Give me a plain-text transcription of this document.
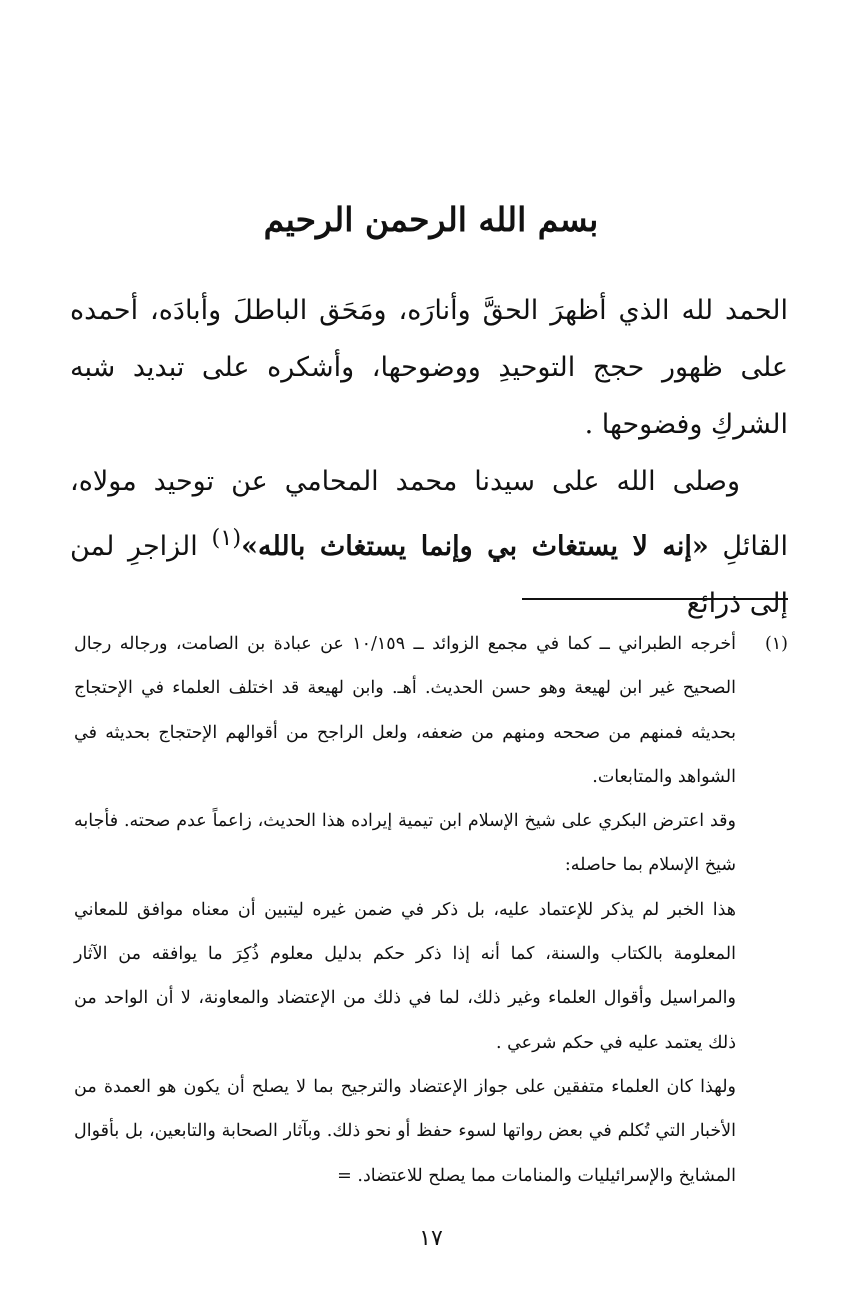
بسم الله الرحمن الرحيم

الحمد لله الذي أظهرَ الحقَّ وأنارَه، ومَحَق الباطلَ وأبادَه، أحمده على ظهور حجج التوحيدِ ووضوحها، وأشكره على تبديد شبه الشركِ وفضوحها .

وصلى الله على سيدنا محمد المحامي عن توحيد مولاه، القائلِ «إنه لا يستغاث بي وإنما يستغاث بالله»$^{(١)}$ الزاجرِ لمن إلى ذرائع

(١)

أخرجه الطبراني ــ كما في مجمع الزوائد ــ ١٠/١٥٩ عن عبادة بن الصامت، ورجاله رجال الصحيح غير ابن لهيعة وهو حسن الحديث. أهـ. وابن لهيعة قد اختلف العلماء في الإحتجاج بحديثه فمنهم من صححه ومنهم من ضعفه، ولعل الراجح من أقوالهم الإحتجاج بحديثه في الشواهد والمتابعات.

وقد اعترض البكري على شيخ الإسلام ابن تيمية إيراده هذا الحديث، زاعماً عدم صحته. فأجابه شيخ الإسلام بما حاصله:

هذا الخبر لم يذكر للإعتماد عليه، بل ذكر في ضمن غيره ليتبين أن معناه موافق للمعاني المعلومة بالكتاب والسنة، كما أنه إذا ذكر حكم بدليل معلوم ذُكِرَ ما يوافقه من الآثار والمراسيل وأقوال العلماء وغير ذلك، لما في ذلك من الإعتضاد والمعاونة، لا أن الواحد من ذلك يعتمد عليه في حكم شرعي .

ولهذا كان العلماء متفقين على جواز الإعتضاد والترجيح بما لا يصلح أن يكون هو العمدة من الأخبار التي تُكلم في بعض رواتها لسوء حفظ أو نحو ذلك. وبآثار الصحابة والتابعين، بل بأقوال المشايخ والإسرائيليات والمنامات مما يصلح للاعتضاد. =

١٧
